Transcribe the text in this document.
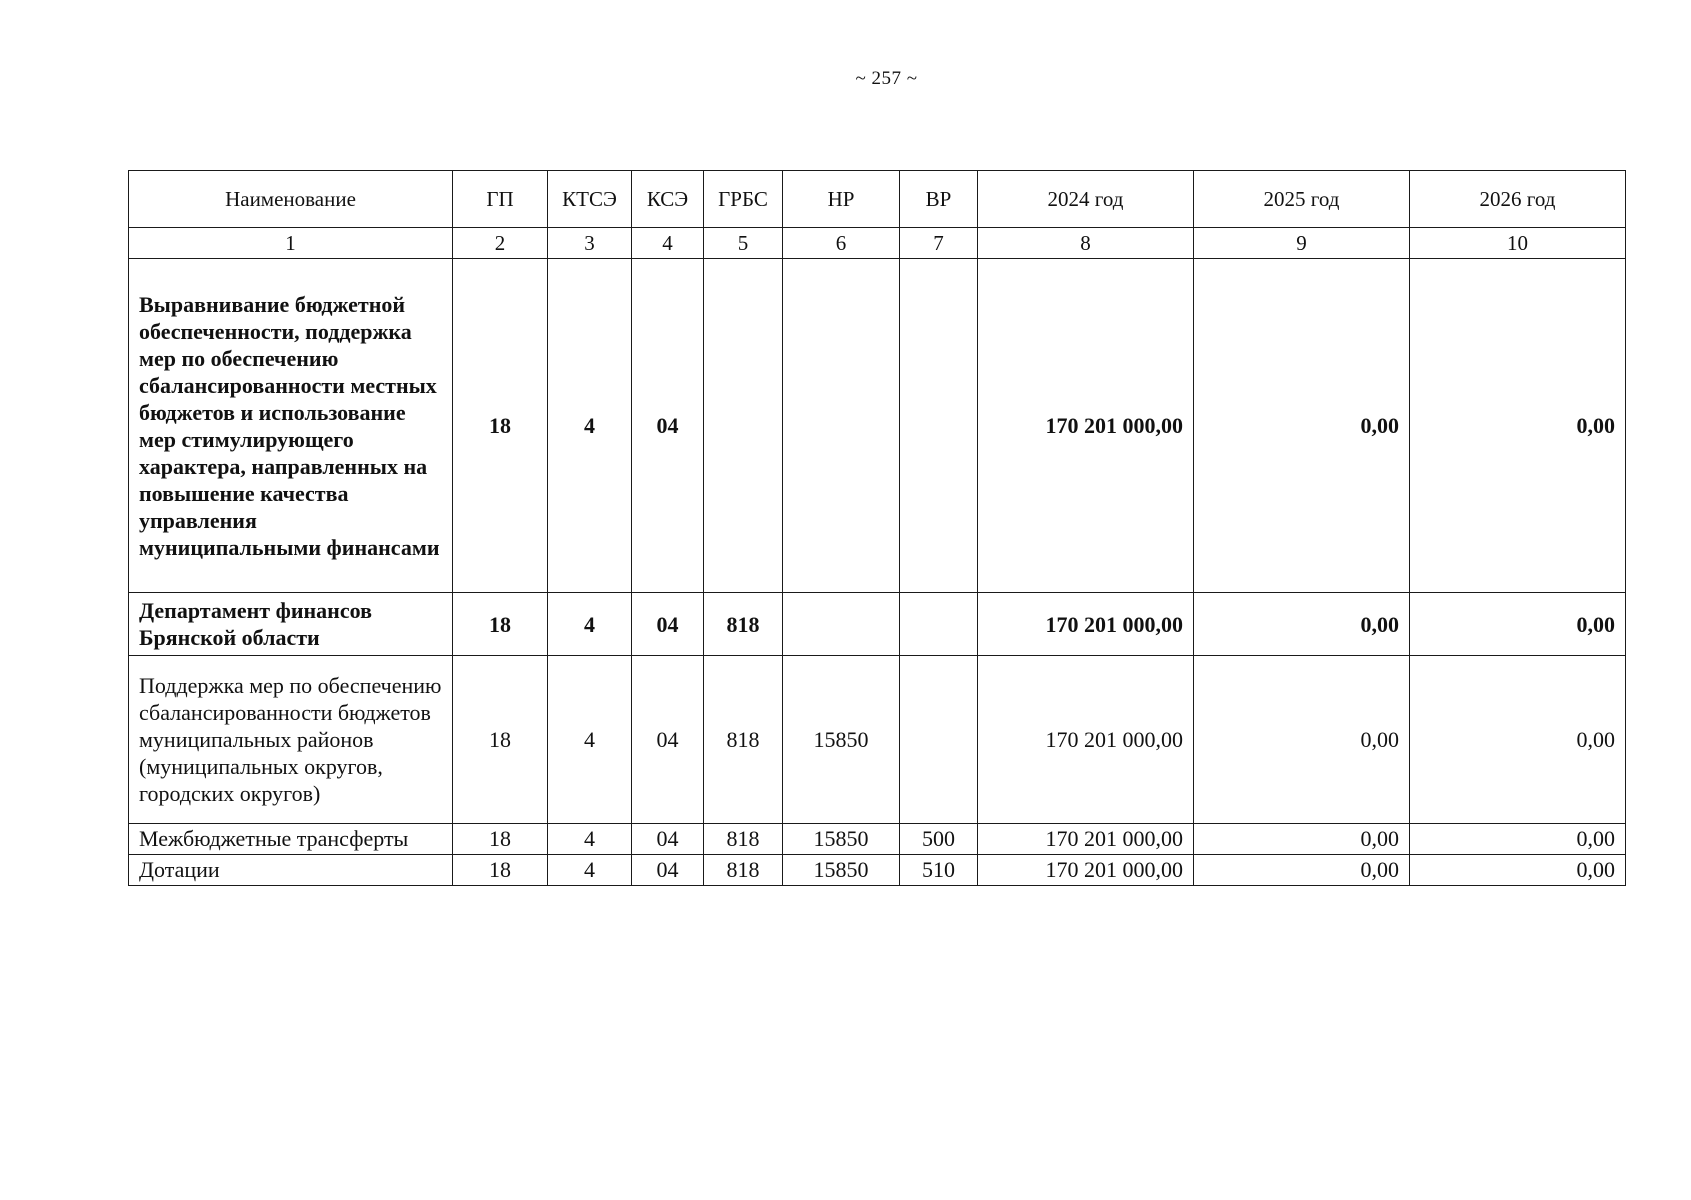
~ 257 ~
Наименование	ГП	КТСЭ	КСЭ	ГРБС	НР	ВР	2024 год	2025 год	2026 год
1	2	3	4	5	6	7	8	9	10
Выравнивание бюджетной обеспеченности, поддержка мер по обеспечению сбалансированности местных бюджетов и использование мер стимулирующего характера, направленных на повышение качества управления муниципальными финансами	18	4	04				170 201 000,00	0,00	0,00
Департамент финансов Брянской области	18	4	04	818			170 201 000,00	0,00	0,00
Поддержка мер по обеспечению сбалансированности бюджетов муниципальных районов (муниципальных округов, городских округов)	18	4	04	818	15850		170 201 000,00	0,00	0,00
Межбюджетные трансферты	18	4	04	818	15850	500	170 201 000,00	0,00	0,00
Дотации	18	4	04	818	15850	510	170 201 000,00	0,00	0,00
